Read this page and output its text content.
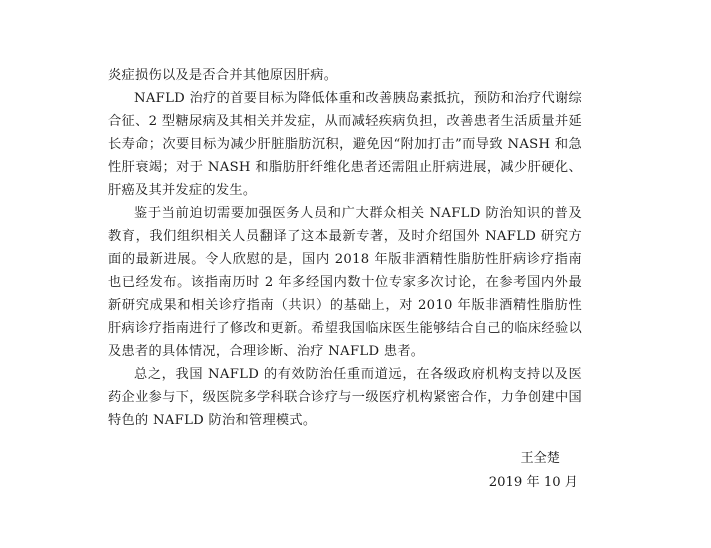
炎症损伤以及是否合并其他原因肝病。

NAFLD 治疗的首要目标为降低体重和改善胰岛素抵抗，预防和治疗代谢综合征、2 型糖尿病及其相关并发症，从而减轻疾病负担，改善患者生活质量并延长寿命；次要目标为减少肝脏脂肪沉积，避免因“附加打击”而导致 NASH 和急性肝衰竭；对于 NASH 和脂肪肝纤维化患者还需阻止肝病进展，减少肝硬化、肝癌及其并发症的发生。

鉴于当前迫切需要加强医务人员和广大群众相关 NAFLD 防治知识的普及教育，我们组织相关人员翻译了这本最新专著，及时介绍国外 NAFLD 研究方面的最新进展。令人欣慰的是，国内 2018 年版非酒精性脂肪性肝病诊疗指南也已经发布。该指南历时 2 年多经国内数十位专家多次讨论，在参考国内外最新研究成果和相关诊疗指南（共识）的基础上，对 2010 年版非酒精性脂肪性肝病诊疗指南进行了修改和更新。希望我国临床医生能够结合自己的临床经验以及患者的具体情况，合理诊断、治疗 NAFLD 患者。

总之，我国 NAFLD 的有效防治任重而道远，在各级政府机构支持以及医药企业参与下，级医院多学科联合诊疗与一级医疗机构紧密合作，力争创建中国特色的 NAFLD 防治和管理模式。

王全楚
2019 年 10 月
